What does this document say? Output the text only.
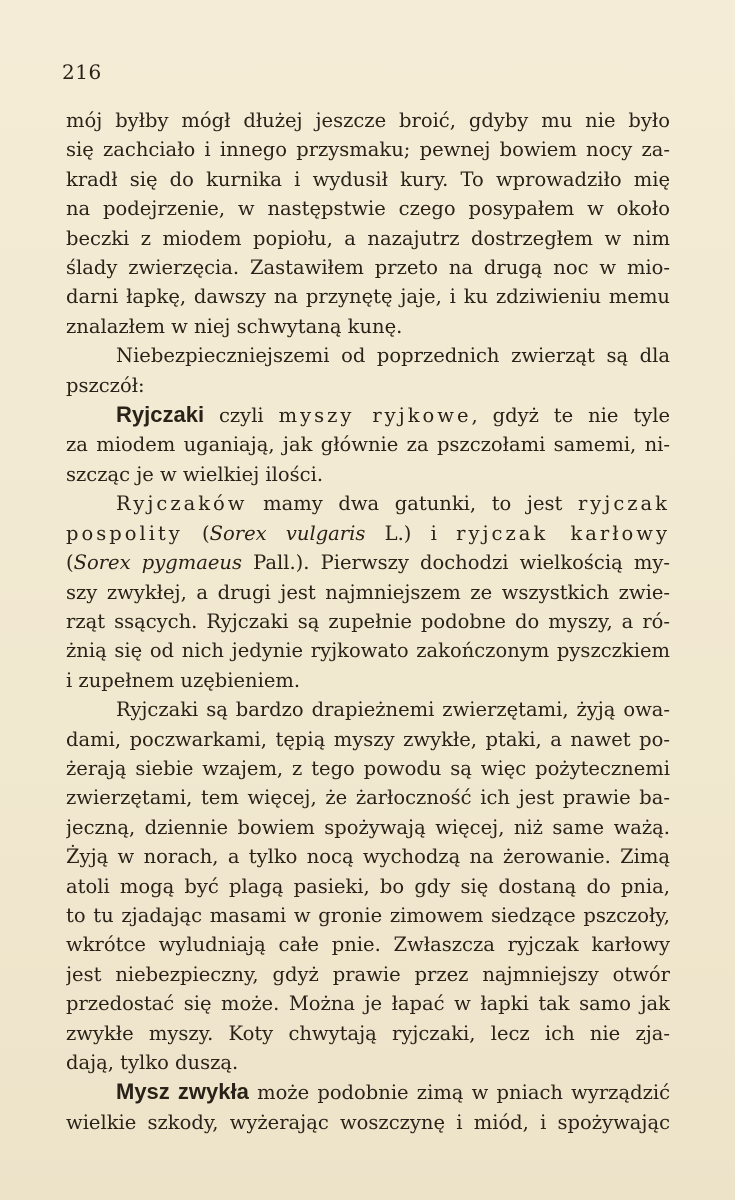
216
mój byłby mógł dłużej jeszcze broić, gdyby mu nie było
się zachciało i innego przysmaku; pewnej bowiem nocy za-
kradł się do kurnika i wydusił kury. To wprowadziło mię
na podejrzenie, w następstwie czego posypałem w około
beczki z miodem popiołu, a nazajutrz dostrzegłem w nim
ślady zwierzęcia. Zastawiłem przeto na drugą noc w mio-
darni łapkę, dawszy na przynętę jaje, i ku zdziwieniu memu
znalazłem w niej schwytaną kunę.
Niebezpieczniejszemi od poprzednich zwierząt są dla
pszczół:
Ryjczaki czyli myszy ryjkowe, gdyż te nie tyle
za miodem uganiają, jak głównie za pszczołami samemi, ni-
szcząc je w wielkiej ilości.
Ryjczaków mamy dwa gatunki, to jest ryjczak
pospolity (Sorex vulgaris L.) i ryjczak karłowy
(Sorex pygmaeus Pall.). Pierwszy dochodzi wielkością my-
szy zwykłej, a drugi jest najmniejszem ze wszystkich zwie-
rząt ssących. Ryjczaki są zupełnie podobne do myszy, a ró-
żnią się od nich jedynie ryjkowato zakończonym pyszczkiem
i zupełnem uzębieniem.
Ryjczaki są bardzo drapieżnemi zwierzętami, żyją owa-
dami, poczwarkami, tępią myszy zwykłe, ptaki, a nawet po-
żerają siebie wzajem, z tego powodu są więc pożytecznemi
zwierzętami, tem więcej, że żarłoczność ich jest prawie ba-
jeczną, dziennie bowiem spożywają więcej, niż same ważą.
Żyją w norach, a tylko nocą wychodzą na żerowanie. Zimą
atoli mogą być plagą pasieki, bo gdy się dostaną do pnia,
to tu zjadając masami w gronie zimowem siedzące pszczoły,
wkrótce wyludniają całe pnie. Zwłaszcza ryjczak karłowy
jest niebezpieczny, gdyż prawie przez najmniejszy otwór
przedostać się może. Można je łapać w łapki tak samo jak
zwykłe myszy. Koty chwytają ryjczaki, lecz ich nie zja-
dają, tylko duszą.
Mysz zwykła może podobnie zimą w pniach wyrządzić
wielkie szkody, wyżerając woszczynę i miód, i spożywając
